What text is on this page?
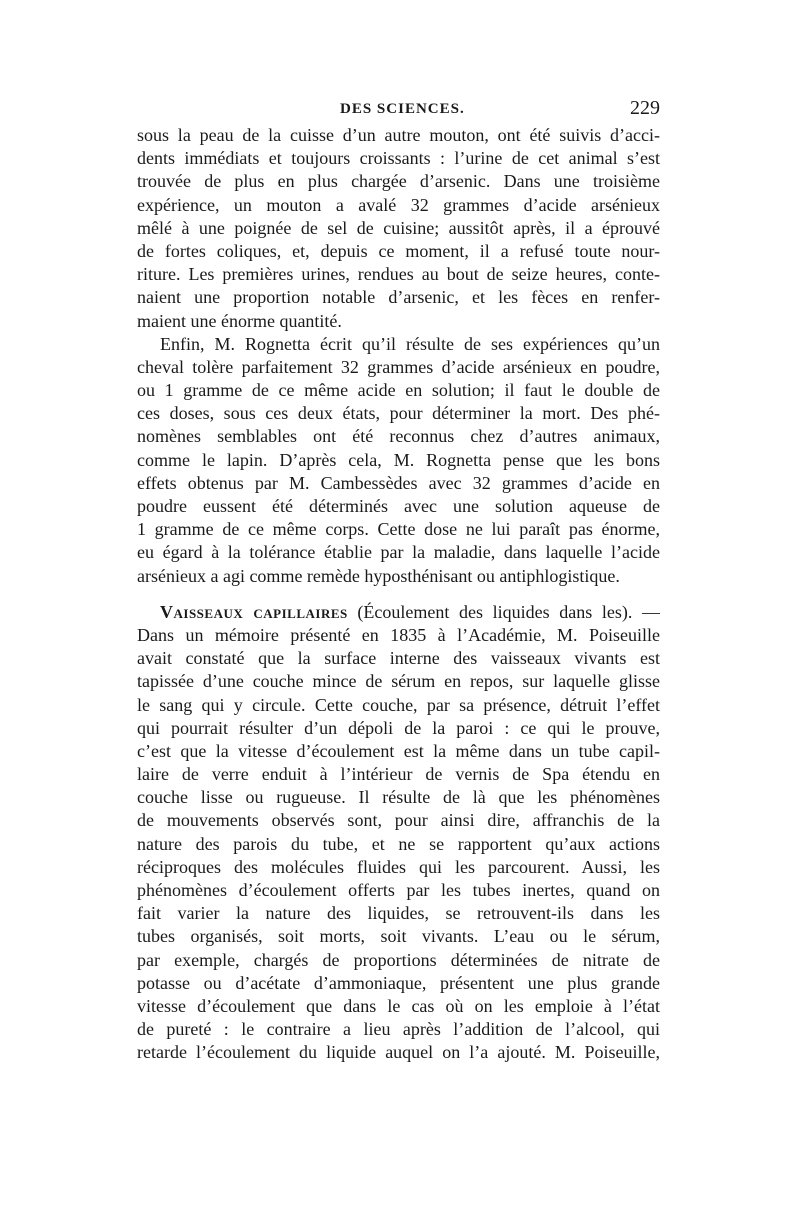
DES SCIENCES.	229
sous la peau de la cuisse d’un autre mouton, ont été suivis d’acci-
dents immédiats et toujours croissants : l’urine de cet animal s’est
trouvée de plus en plus chargée d’arsenic. Dans une troisième
expérience, un mouton a avalé 32 grammes d’acide arsénieux
mêlé à une poignée de sel de cuisine; aussitôt après, il a éprouvé
de fortes coliques, et, depuis ce moment, il a refusé toute nour-
riture. Les premières urines, rendues au bout de seize heures, conte-
naient une proportion notable d’arsenic, et les fèces en renfer-
maient une énorme quantité.
Enfin, M. Rognetta écrit qu’il résulte de ses expériences qu’un
cheval tolère parfaitement 32 grammes d’acide arsénieux en poudre,
ou 1 gramme de ce même acide en solution; il faut le double de
ces doses, sous ces deux états, pour déterminer la mort. Des phé-
nomènes semblables ont été reconnus chez d’autres animaux,
comme le lapin. D’après cela, M. Rognetta pense que les bons
effets obtenus par M. Cambessèdes avec 32 grammes d’acide en
poudre eussent été déterminés avec une solution aqueuse de
1 gramme de ce même corps. Cette dose ne lui paraît pas énorme,
eu égard à la tolérance établie par la maladie, dans laquelle l’acide
arsénieux a agi comme remède hyposthénisant ou antiphlogistique.
Vaisseaux capillaires (Écoulement des liquides dans les). —
Dans un mémoire présenté en 1835 à l’Académie, M. Poiseuille
avait constaté que la surface interne des vaisseaux vivants est
tapissée d’une couche mince de sérum en repos, sur laquelle glisse
le sang qui y circule. Cette couche, par sa présence, détruit l’effet
qui pourrait résulter d’un dépoli de la paroi : ce qui le prouve,
c’est que la vitesse d’écoulement est la même dans un tube capil-
laire de verre enduit à l’intérieur de vernis de Spa étendu en
couche lisse ou rugueuse. Il résulte de là que les phénomènes
de mouvements observés sont, pour ainsi dire, affranchis de la
nature des parois du tube, et ne se rapportent qu’aux actions
réciproques des molécules fluides qui les parcourent. Aussi, les
phénomènes d’écoulement offerts par les tubes inertes, quand on
fait varier la nature des liquides, se retrouvent-ils dans les
tubes organisés, soit morts, soit vivants. L’eau ou le sérum,
par exemple, chargés de proportions déterminées de nitrate de
potasse ou d’acétate d’ammoniaque, présentent une plus grande
vitesse d’écoulement que dans le cas où on les emploie à l’état
de pureté : le contraire a lieu après l’addition de l’alcool, qui
retarde l’écoulement du liquide auquel on l’a ajouté. M. Poiseuille,
